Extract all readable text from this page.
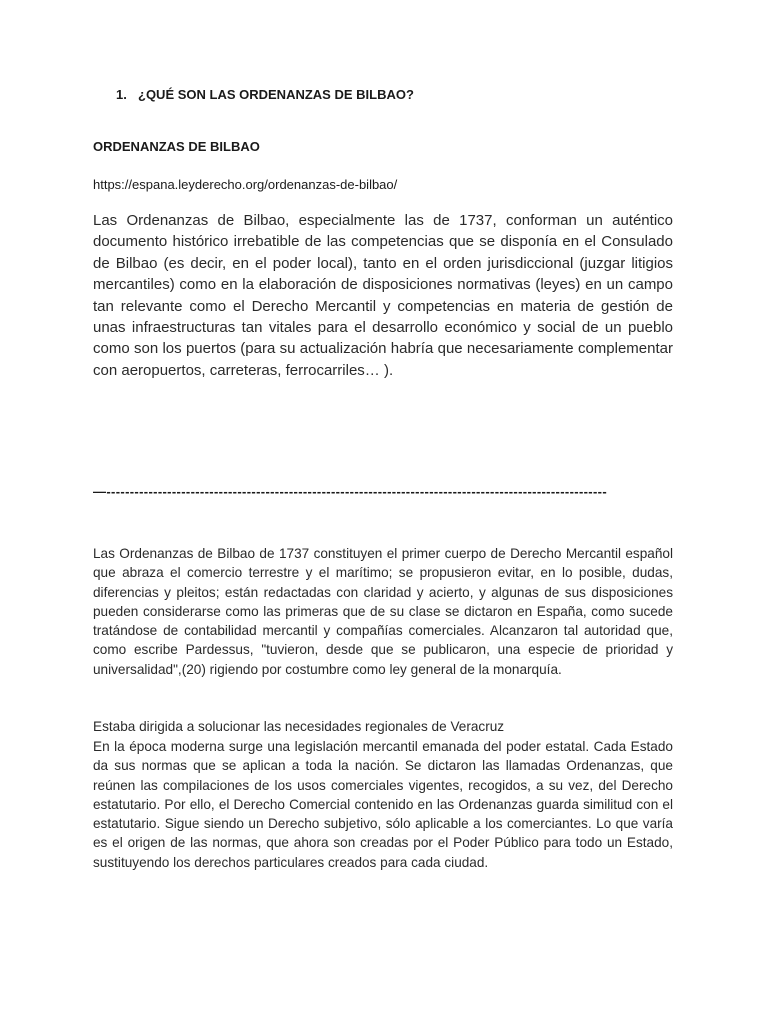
1. ¿QUÉ SON LAS ORDENANZAS DE BILBAO?
ORDENANZAS DE BILBAO
https://espana.leyderecho.org/ordenanzas-de-bilbao/

Las Ordenanzas de Bilbao, especialmente las de 1737, conforman un auténtico documento histórico irrebatible de las competencias que se disponía en el Consulado de Bilbao (es decir, en el poder local), tanto en el orden jurisdiccional (juzgar litigios mercantiles) como en la elaboración de disposiciones normativas (leyes) en un campo tan relevante como el Derecho Mercantil y competencias en materia de gestión de unas infraestructuras tan vitales para el desarrollo económico y social de un pueblo como son los puertos (para su actualización habría que necesariamente complementar con aeropuertos, carreteras, ferrocarriles… ).

—-----------------------------------------------------------------------------------------------------------

Las Ordenanzas de Bilbao de 1737 constituyen el primer cuerpo de Derecho Mercantil español que abraza el comercio terrestre y el marítimo; se propusieron evitar, en lo posible, dudas, diferencias y pleitos; están redactadas con claridad y acierto, y algunas de sus disposiciones pueden considerarse como las primeras que de su clase se dictaron en España, como sucede tratándose de contabilidad mercantil y compañías comerciales. Alcanzaron tal autoridad que, como escribe Pardessus, "tuvieron, desde que se publicaron, una especie de prioridad y universalidad",(20) rigiendo por costumbre como ley general de la monarquía.

Estaba dirigida a solucionar las necesidades regionales de Veracruz

En la época moderna surge una legislación mercantil emanada del poder estatal. Cada Estado da sus normas que se aplican a toda la nación. Se dictaron las llamadas Ordenanzas, que reúnen las compilaciones de los usos comerciales vigentes, recogidos, a su vez, del Derecho estatutario. Por ello, el Derecho Comercial contenido en las Ordenanzas guarda similitud con el estatutario. Sigue siendo un Derecho subjetivo, sólo aplicable a los comerciantes. Lo que varía es el origen de las normas, que ahora son creadas por el Poder Público para todo un Estado, sustituyendo los derechos particulares creados para cada ciudad.
